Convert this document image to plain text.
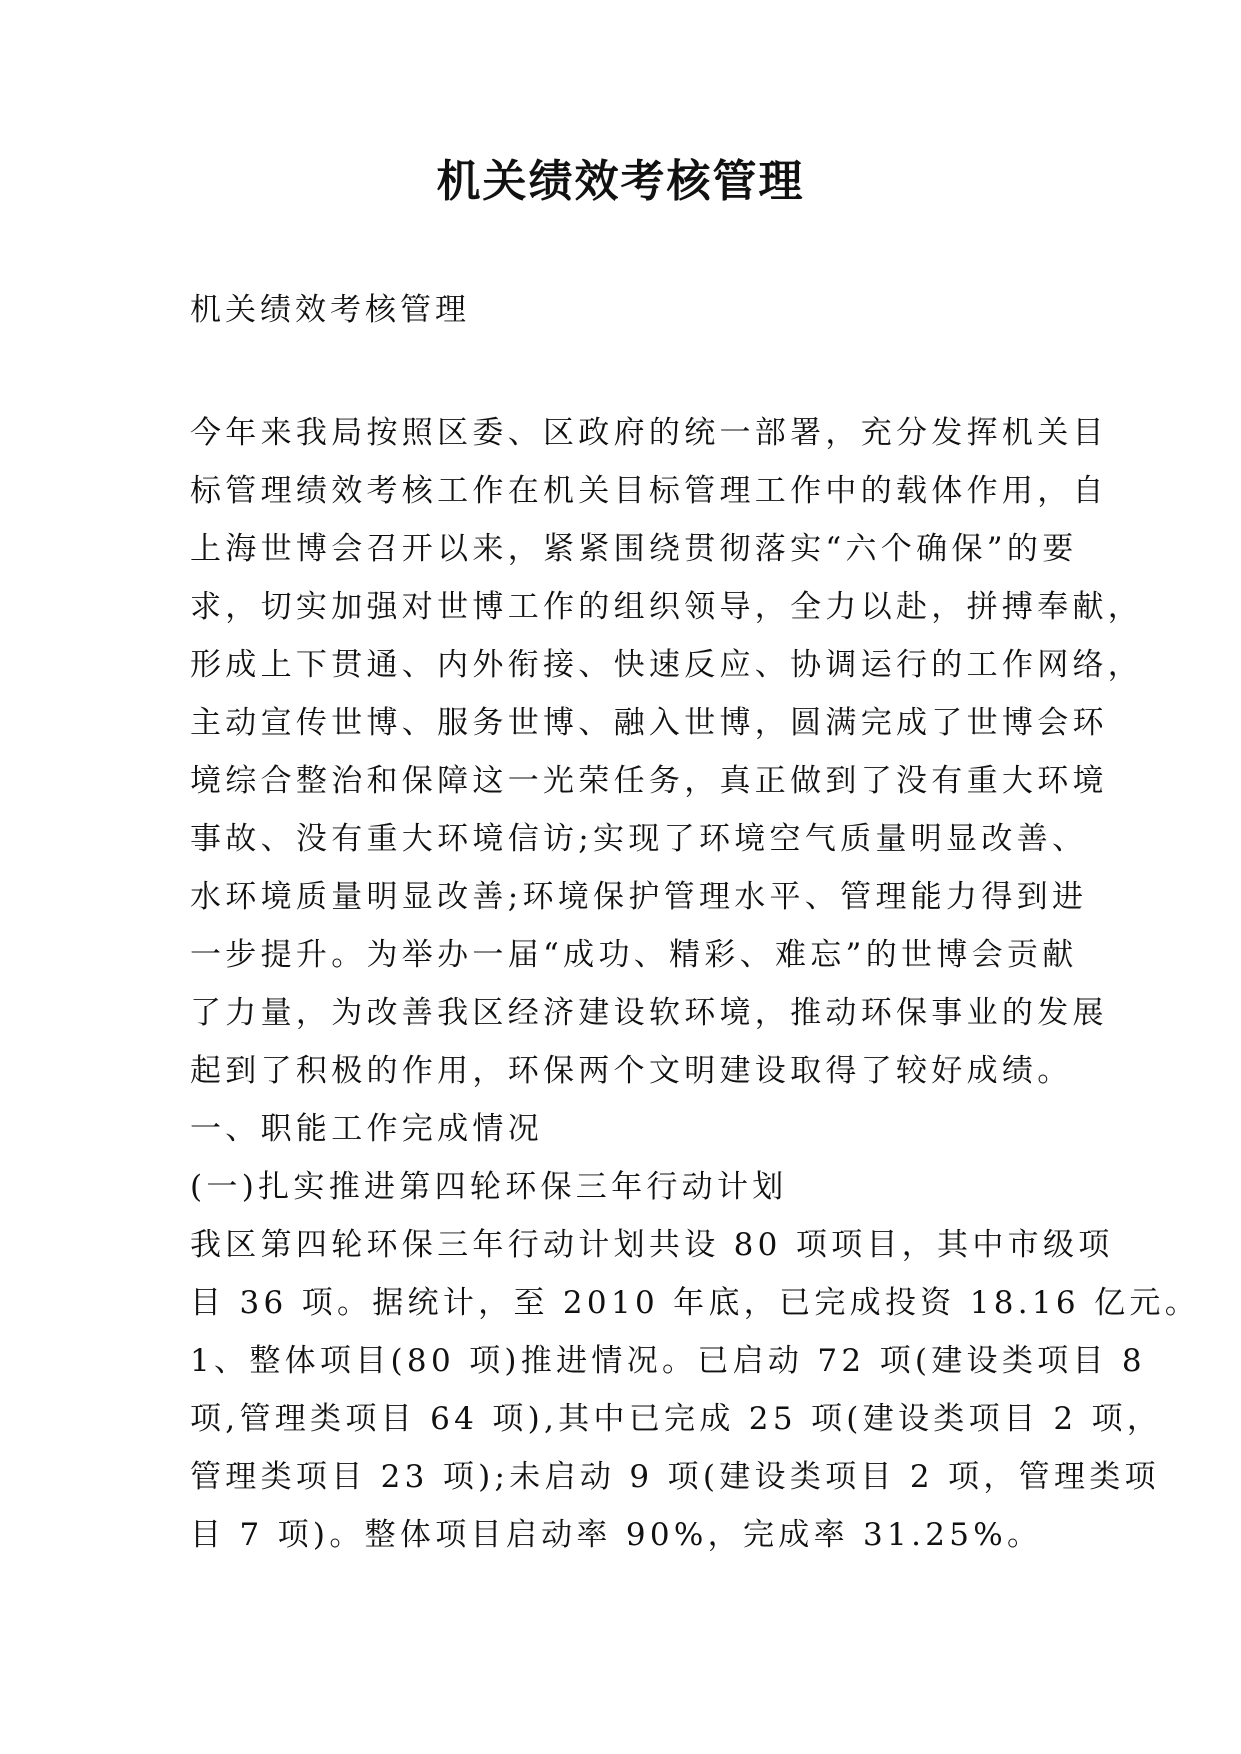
机关绩效考核管理

机关绩效考核管理

今年来我局按照区委、区政府的统一部署，充分发挥机关目
标管理绩效考核工作在机关目标管理工作中的载体作用，自
上海世博会召开以来，紧紧围绕贯彻落实“六个确保”的要
求，切实加强对世博工作的组织领导，全力以赴，拼搏奉献，
形成上下贯通、内外衔接、快速反应、协调运行的工作网络，
主动宣传世博、服务世博、融入世博，圆满完成了世博会环
境综合整治和保障这一光荣任务，真正做到了没有重大环境
事故、没有重大环境信访;实现了环境空气质量明显改善、
水环境质量明显改善;环境保护管理水平、管理能力得到进
一步提升。为举办一届“成功、精彩、难忘”的世博会贡献
了力量，为改善我区经济建设软环境，推动环保事业的发展
起到了积极的作用，环保两个文明建设取得了较好成绩。
一、职能工作完成情况
(一)扎实推进第四轮环保三年行动计划
我区第四轮环保三年行动计划共设 80 项项目，其中市级项
目 36 项。据统计，至 2010 年底，已完成投资 18.16 亿元。
1、整体项目(80 项)推进情况。已启动 72 项(建设类项目 8
项,管理类项目 64 项),其中已完成 25 项(建设类项目 2 项，
管理类项目 23 项);未启动 9 项(建设类项目 2 项，管理类项
目 7 项)。整体项目启动率 90%，完成率 31.25%。
